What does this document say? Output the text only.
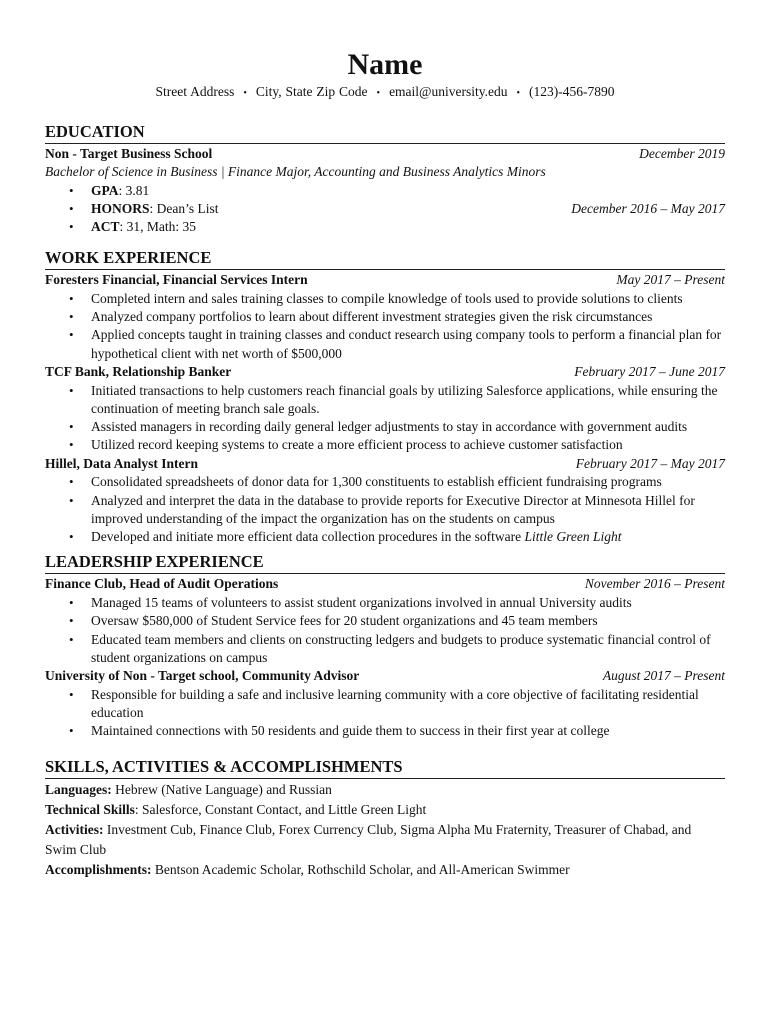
Name
Street Address • City, State Zip Code • email@university.edu • (123)-456-7890
EDUCATION
Non - Target Business School	December 2019
Bachelor of Science in Business | Finance Major, Accounting and Business Analytics Minors
• GPA: 3.81
• HONORS: Dean’s List	December 2016 – May 2017
• ACT: 31, Math: 35
WORK EXPERIENCE
Foresters Financial, Financial Services Intern	May 2017 – Present
• Completed intern and sales training classes to compile knowledge of tools used to provide solutions to clients
• Analyzed company portfolios to learn about different investment strategies given the risk circumstances
• Applied concepts taught in training classes and conduct research using company tools to perform a financial plan for hypothetical client with net worth of $500,000
TCF Bank, Relationship Banker	February 2017 – June 2017
• Initiated transactions to help customers reach financial goals by utilizing Salesforce applications, while ensuring the continuation of meeting branch sale goals.
• Assisted managers in recording daily general ledger adjustments to stay in accordance with government audits
• Utilized record keeping systems to create a more efficient process to achieve customer satisfaction
Hillel, Data Analyst Intern	February 2017 – May 2017
• Consolidated spreadsheets of donor data for 1,300 constituents to establish efficient fundraising programs
• Analyzed and interpret the data in the database to provide reports for Executive Director at Minnesota Hillel for improved understanding of the impact the organization has on the students on campus
• Developed and initiate more efficient data collection procedures in the software Little Green Light
LEADERSHIP EXPERIENCE
Finance Club, Head of Audit Operations	November 2016 – Present
• Managed 15 teams of volunteers to assist student organizations involved in annual University audits
• Oversaw $580,000 of Student Service fees for 20 student organizations and 45 team members
• Educated team members and clients on constructing ledgers and budgets to produce systematic financial control of student organizations on campus
University of Non - Target school, Community Advisor	August 2017 – Present
• Responsible for building a safe and inclusive learning community with a core objective of facilitating residential education
• Maintained connections with 50 residents and guide them to success in their first year at college
SKILLS, ACTIVITIES & ACCOMPLISHMENTS
Languages: Hebrew (Native Language) and Russian
Technical Skills: Salesforce, Constant Contact, and Little Green Light
Activities: Investment Cub, Finance Club, Forex Currency Club, Sigma Alpha Mu Fraternity, Treasurer of Chabad, and Swim Club
Accomplishments: Bentson Academic Scholar, Rothschild Scholar, and All-American Swimmer
